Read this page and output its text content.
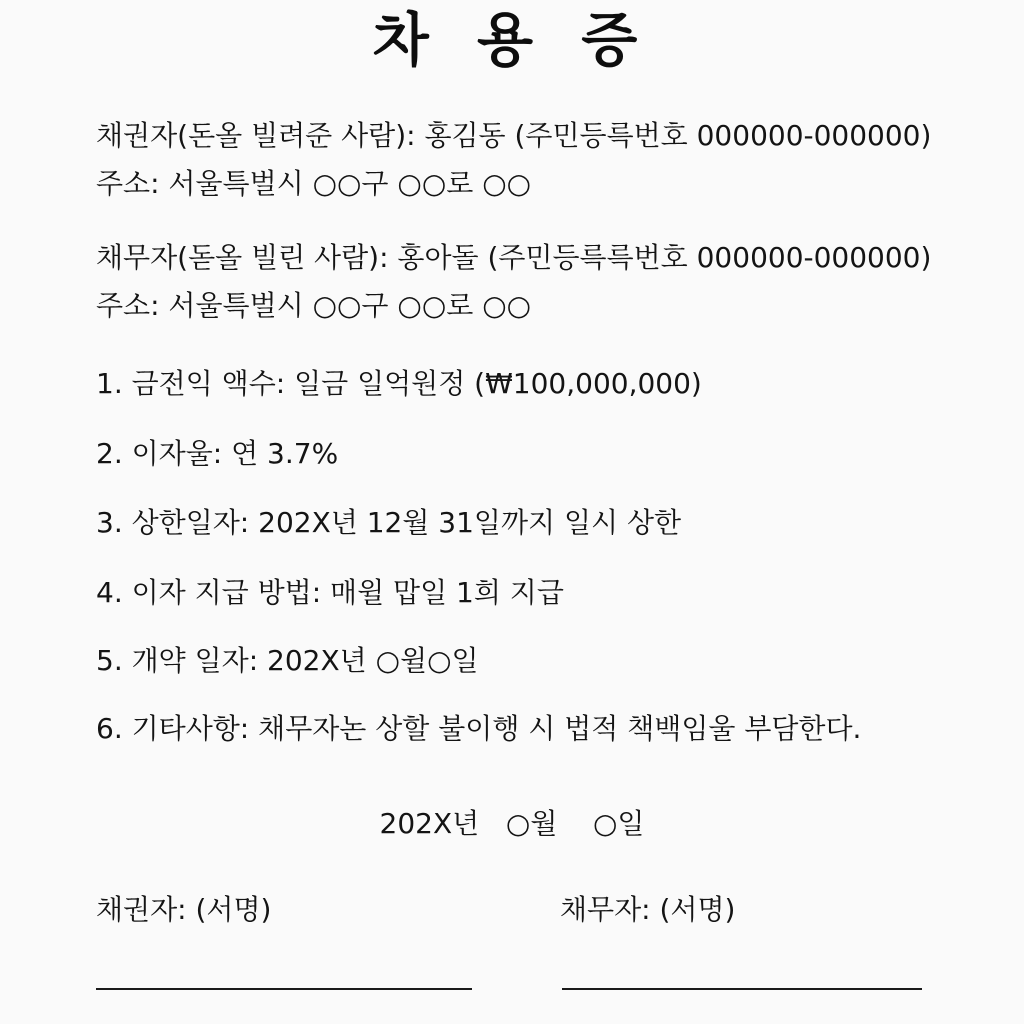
차 용 증
채권자(돈올 빌려준 사람): 홍김동 (주민등륵번호 000000-000000)
주소: 서울특벌시 ○○구 ○○로 ○○
채무자(돋올 빌린 사람): 홍아돌 (주민등륵륵번호 000000-000000)
주소: 서울특벌시 ○○구 ○○로 ○○
1. 금전익 액수: 일금 일억원정 (₩100,000,000)
2. 이자울: 연 3.7%
3. 상한일자: 202X년 12월 31일까지 일시 상한
4. 이자 지급 방법: 매윌 맙일 1희 지급
5. 개약 일자: 202X년 ○윌○일
6. 기타사항: 채무자논 상할 불이행 시 법적 책백임울 부담한다.
202X년   ○월    ○일
채권자: (서명)	채무자: (서명)
